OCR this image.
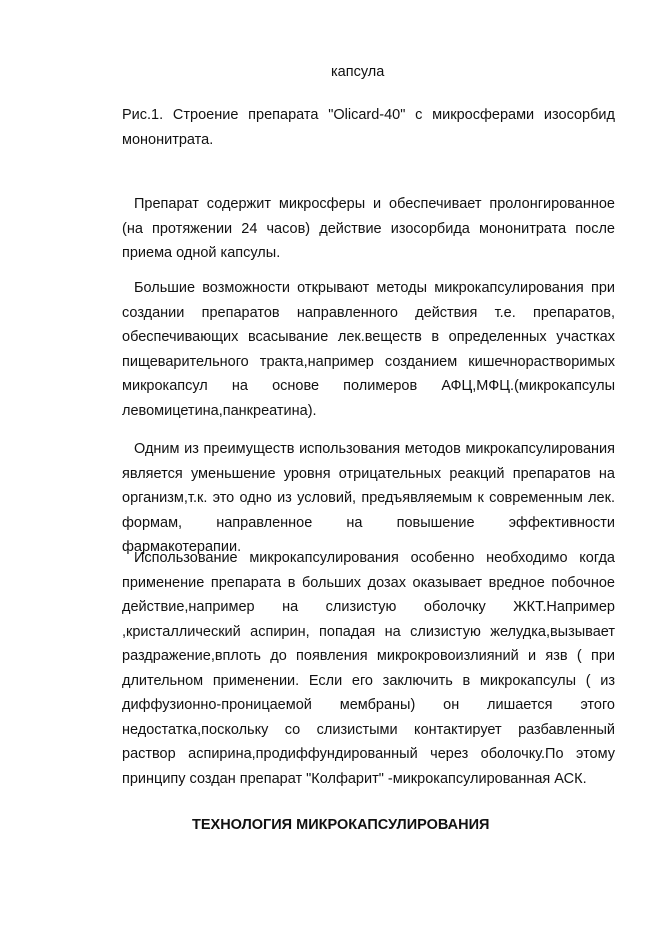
капсула

Рис.1. Строение препарата "Olicard-40" с микросферами изосорбид мононитрата.

Препарат содержит микросферы и обеспечивает пролонгированное (на протяжении 24 часов) действие изосорбида мононитрата после приема одной капсулы.

Большие возможности открывают методы микрокапсулирования при создании препаратов направленного действия т.е. препаратов, обеспечивающих всасывание лек.веществ в определенных участках пищеварительного тракта,например созданием кишечнорастворимых микрокапсул на основе полимеров АФЦ,МФЦ.(микрокапсулы левомицетина,панкреатина).

Одним из преимуществ использования методов микрокапсулирования является уменьшение уровня отрицательных реакций препаратов на организм,т.к. это одно из условий, предъявляемым к современным лек. формам, направленное на повышение эффективности фармакотерапии.

Использование микрокапсулирования особенно необходимо когда применение препарата в больших дозах оказывает вредное побочное действие,например на слизистую оболочку ЖКТ.Например ,кристаллический аспирин, попадая на слизистую желудка,вызывает раздражение,вплоть до появления микрокровоизлияний и язв ( при длительном применении. Если его заключить в микрокапсулы ( из диффузионно-проницаемой мембраны) он лишается этого недостатка,поскольку со слизистыми контактирует разбавленный раствор аспирина,продиффундированный через оболочку.По этому принципу создан препарат "Колфарит" -микрокапсулированная АСК.

ТЕХНОЛОГИЯ МИКРОКАПСУЛИРОВАНИЯ
